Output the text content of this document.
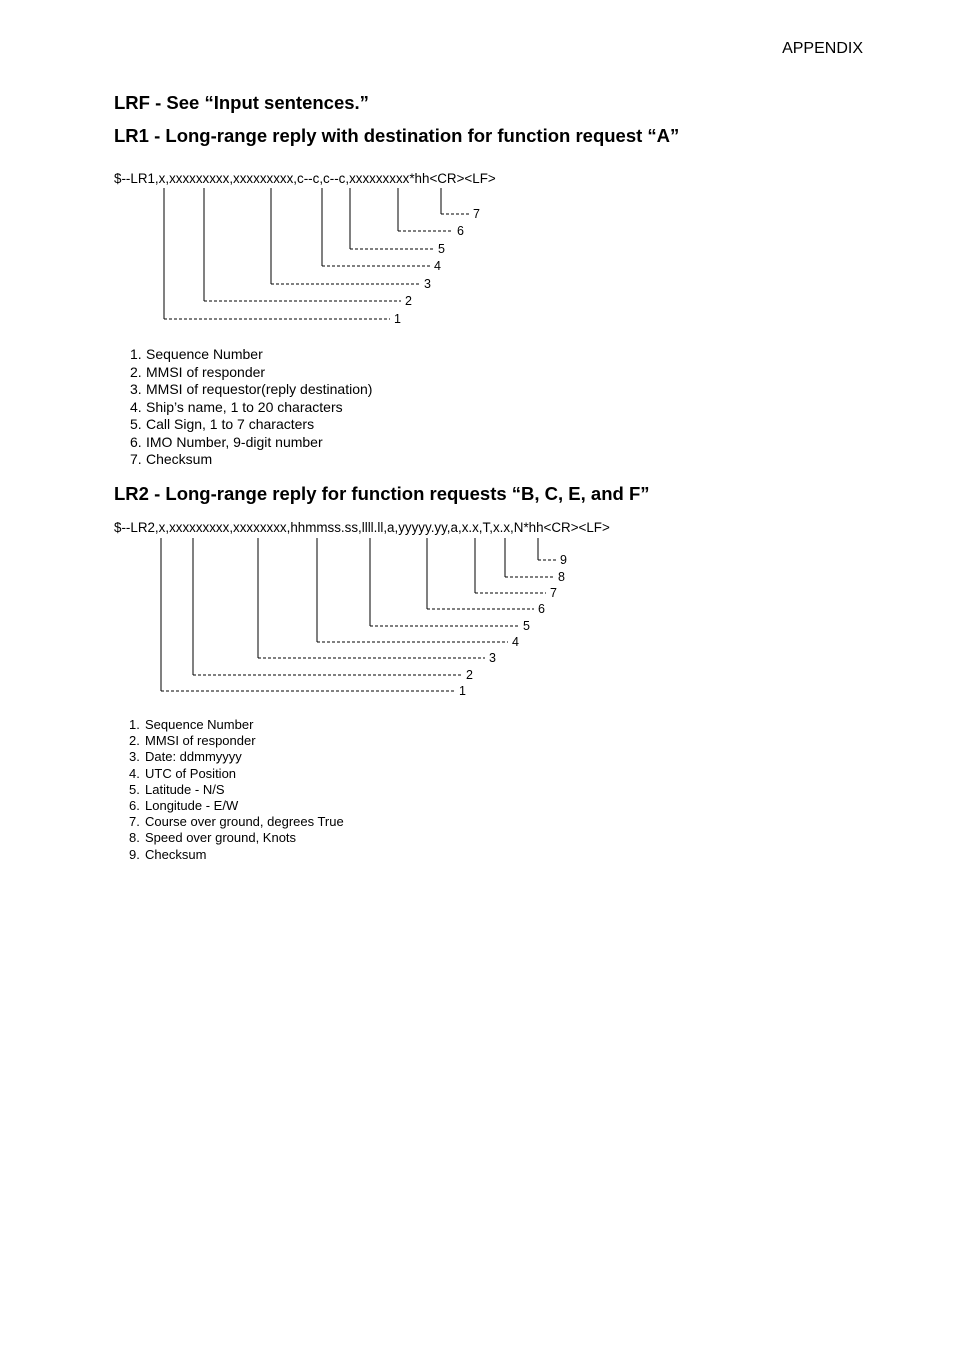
APPENDIX
LRF - See “Input sentences.”
LR1 - Long-range reply with destination for function request “A”
$--LR1,x,xxxxxxxxx,xxxxxxxxx,c--c,c--c,xxxxxxxxx*hh<CR><LF>
7
6
5
4
3
2
1
1. Sequence Number
2. MMSI of responder
3. MMSI of requestor(reply destination)
4. Ship’s name, 1 to 20 characters
5. Call Sign, 1 to 7 characters
6. IMO Number, 9-digit number
7. Checksum
LR2 - Long-range reply for function requests “B, C, E, and F”
$--LR2,x,xxxxxxxxx,xxxxxxxx,hhmmss.ss,llll.ll,a,yyyyy.yy,a,x.x,T,x.x,N*hh<CR><LF>
9
8
7
6
5
4
3
2
1
1. Sequence Number
2. MMSI of responder
3. Date: ddmmyyyy
4. UTC of Position
5. Latitude - N/S
6. Longitude - E/W
7. Course over ground, degrees True
8. Speed over ground, Knots
9. Checksum
